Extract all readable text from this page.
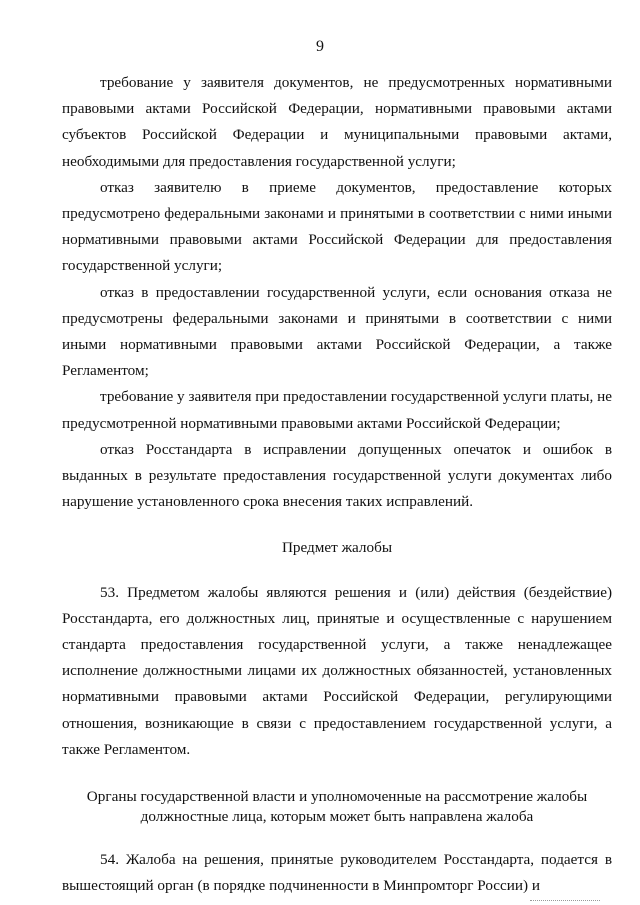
9

требование у заявителя документов, не предусмотренных нормативными правовыми актами Российской Федерации, нормативными правовыми актами субъектов Российской Федерации и муниципальными правовыми актами, необходимыми для предоставления государственной услуги;

отказ заявителю в приеме документов, предоставление которых предусмотрено федеральными законами и принятыми в соответствии с ними иными нормативными правовыми актами Российской Федерации для предоставления государственной услуги;

отказ в предоставлении государственной услуги, если основания отказа не предусмотрены федеральными законами и принятыми в соответствии с ними иными нормативными правовыми актами Российской Федерации, а также Регламентом;

требование у заявителя при предоставлении государственной услуги платы, не предусмотренной нормативными правовыми актами Российской Федерации;

отказ Росстандарта в исправлении допущенных опечаток и ошибок в выданных в результате предоставления государственной услуги документах либо нарушение установленного срока внесения таких исправлений.

Предмет жалобы

53. Предметом жалобы являются решения и (или) действия (бездействие) Росстандарта, его должностных лиц, принятые и осуществленные с нарушением стандарта предоставления государственной услуги, а также ненадлежащее исполнение должностными лицами их должностных обязанностей, установленных нормативными правовыми актами Российской Федерации, регулирующими отношения, возникающие в связи с предоставлением государственной услуги, а также Регламентом.

Органы государственной власти и уполномоченные на рассмотрение жалобы

должностные лица, которым может быть направлена жалоба

54. Жалоба на решения, принятые руководителем Росстандарта, подается в вышестоящий орган (в порядке подчиненности в Минпромторг России) и
